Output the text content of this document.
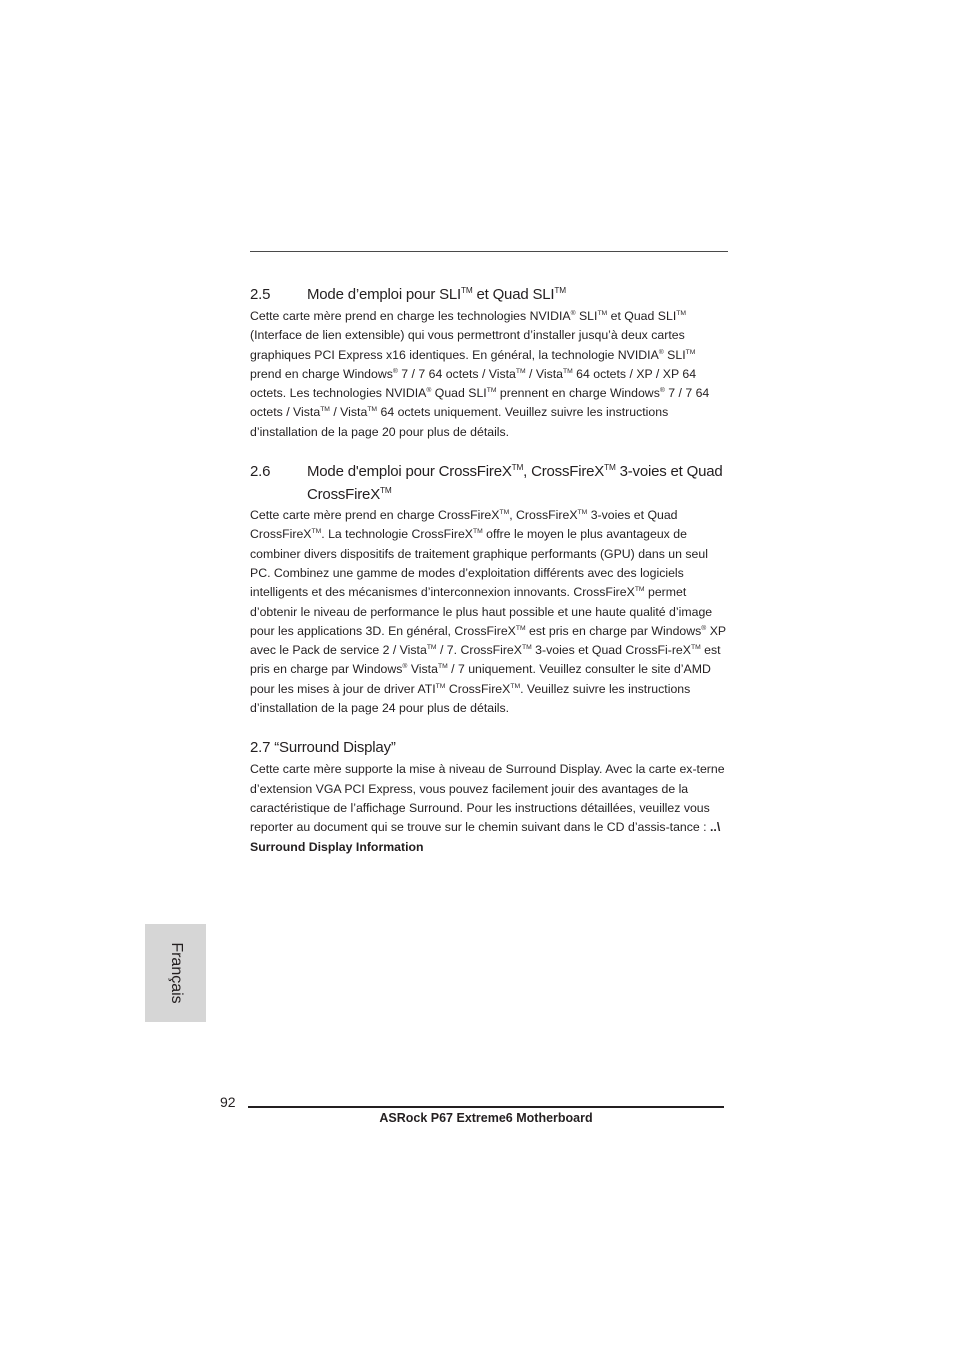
2.5	Mode d’emploi pour SLI™ et Quad SLI™

Cette carte mère prend en charge les technologies NVIDIA® SLI™ et Quad SLI™ (Interface de lien extensible) qui vous permettront d’installer jusqu’à deux cartes graphiques PCI Express x16 identiques. En général, la technologie NVIDIA® SLI™ prend en charge Windows® 7 / 7 64 octets / Vista™ / Vista™ 64 octets / XP / XP 64 octets. Les technologies NVIDIA® Quad SLI™ prennent en charge Windows® 7 / 7 64 octets / Vista™ / Vista™ 64 octets uniquement. Veuillez suivre les instructions d’installation de la page 20 pour plus de détails.

2.6	Mode d'emploi pour CrossFireX™, CrossFireX™ 3-voies et Quad CrossFireX™

Cette carte mère prend en charge CrossFireX™, CrossFireX™ 3-voies et Quad CrossFireX™. La technologie CrossFireX™ offre le moyen le plus avantageux de combiner divers dispositifs de traitement graphique performants (GPU) dans un seul PC. Combinez une gamme de modes d’exploitation différents avec des logiciels intelligents et des mécanismes d’interconnexion innovants. CrossFireX™ permet d’obtenir le niveau de performance le plus haut possible et une haute qualité d’image pour les applications 3D. En général, CrossFireX™ est pris en charge par Windows® XP avec le Pack de service 2 / Vista™ / 7. CrossFireX™ 3-voies et Quad CrossFi-reX™ est pris en charge par Windows® Vista™ / 7 uniquement. Veuillez consulter le site d’AMD pour les mises à jour de driver ATI™ CrossFireX™. Veuillez suivre les instructions d’installation de la page 24 pour plus de détails.

2.7 “Surround Display”

Cette carte mère supporte la mise à niveau de Surround Display. Avec la carte ex-terne d’extension VGA PCI Express, vous pouvez facilement jouir des avantages de la caractéristique de l’affichage Surround. Pour les instructions détaillées, veuillez vous reporter au document qui se trouve sur le chemin suivant dans le CD d’assis-tance : ..\ Surround Display Information

Français
92
ASRock P67 Extreme6 Motherboard
